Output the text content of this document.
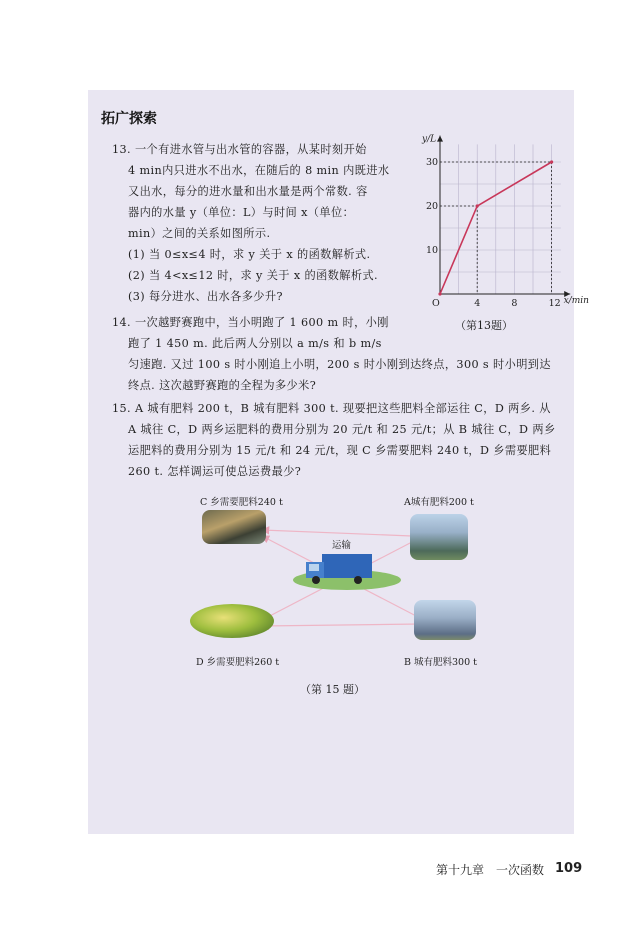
拓广探索
13. 一个有进水管与出水管的容器，从某时刻开始
4 min内只进水不出水，在随后的 8 min 内既进水
又出水，每分的进水量和出水量是两个常数. 容
器内的水量 y（单位：L）与时间 x（单位：
min）之间的关系如图所示.
(1) 当 0≤x≤4 时，求 y 关于 x 的函数解析式.
(2) 当 4<x≤12 时，求 y 关于 x 的函数解析式.
(3) 每分进水、出水各多少升?
O	4	8	12
10
20
30
x/min
y/L
（第13题）
14. 一次越野赛跑中，当小明跑了 1 600 m 时，小刚
跑了 1 450 m. 此后两人分别以 a m/s 和 b m/s
匀速跑. 又过 100 s 时小刚追上小明，200 s 时小刚到达终点，300 s 时小明到达
终点. 这次越野赛跑的全程为多少米?
15. A 城有肥料 200 t，B 城有肥料 300 t. 现要把这些肥料全部运往 C，D 两乡. 从
A 城往 C，D 两乡运肥料的费用分别为 20 元/t 和 25 元/t；从 B 城往 C，D 两乡
运肥料的费用分别为 15 元/t 和 24 元/t，现 C 乡需要肥料 240 t，D 乡需要肥料
260 t. 怎样调运可使总运费最少?
C 乡需要肥料240 t	A城有肥料200 t
运输
D 乡需要肥料260 t	B 城有肥料300 t
（第 15 题）
第十九章　一次函数 109
